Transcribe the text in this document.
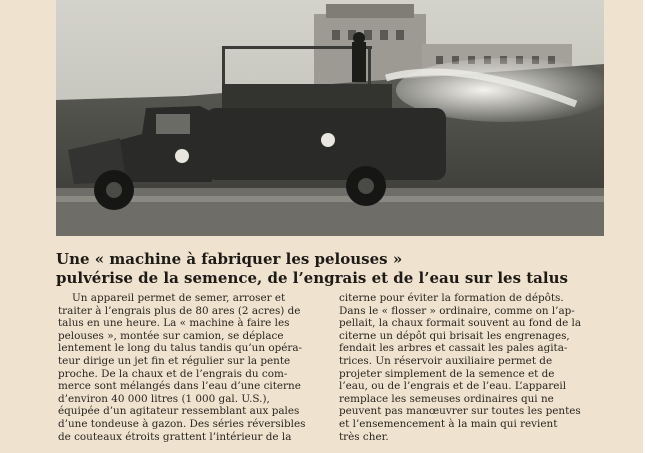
Une « machine à fabriquer les pelouses »
pulvérise de la semence, de l’engrais et de l’eau sur les talus
Un appareil permet de semer, arroser et
traiter à l’engrais plus de 80 ares (2 acres) de
talus en une heure. La « machine à faire les
pelouses », montée sur camion, se déplace
lentement le long du talus tandis qu’un opéra-
teur dirige un jet fin et régulier sur la pente
proche. De la chaux et de l’engrais du com-
merce sont mélangés dans l’eau d’une citerne
d’environ 40 000 litres (1 000 gal. U.S.),
équipée d’un agitateur ressemblant aux pales
d’une tondeuse à gazon. Des séries réversibles
de couteaux étroits grattent l’intérieur de la
citerne pour éviter la formation de dépôts.
Dans le « flosser » ordinaire, comme on l’ap-
pellait, la chaux formait souvent au fond de la
citerne un dépôt qui brisait les engrenages,
fendait les arbres et cassait les pales agita-
trices. Un réservoir auxiliaire permet de
projeter simplement de la semence et de
l’eau, ou de l’engrais et de l’eau. L’appareil
remplace les semeuses ordinaires qui ne
peuvent pas manœuvrer sur toutes les pentes
et l’ensemencement à la main qui revient
très cher.
